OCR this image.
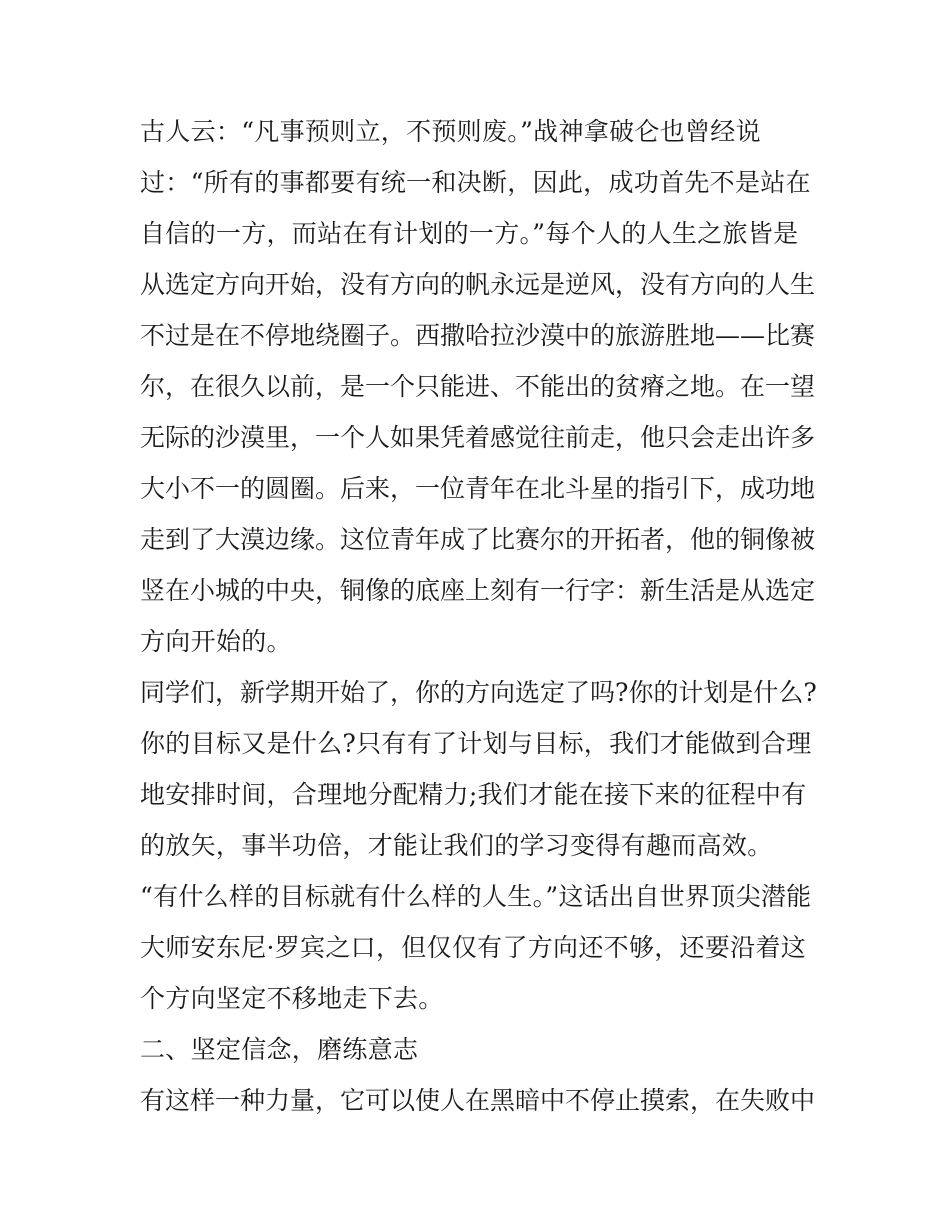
古人云：“凡事预则立，不预则废。”战神拿破仑也曾经说
过：“所有的事都要有统一和决断，因此，成功首先不是站在
自信的一方，而站在有计划的一方。”每个人的人生之旅皆是
从选定方向开始，没有方向的帆永远是逆风，没有方向的人生
不过是在不停地绕圈子。西撒哈拉沙漠中的旅游胜地——比赛
尔，在很久以前，是一个只能进、不能出的贫瘠之地。在一望
无际的沙漠里，一个人如果凭着感觉往前走，他只会走出许多
大小不一的圆圈。后来，一位青年在北斗星的指引下，成功地
走到了大漠边缘。这位青年成了比赛尔的开拓者，他的铜像被
竖在小城的中央，铜像的底座上刻有一行字：新生活是从选定
方向开始的。
同学们，新学期开始了，你的方向选定了吗?你的计划是什么?
你的目标又是什么?只有有了计划与目标，我们才能做到合理
地安排时间，合理地分配精力;我们才能在接下来的征程中有
的放矢，事半功倍，才能让我们的学习变得有趣而高效。
“有什么样的目标就有什么样的人生。”这话出自世界顶尖潜能
大师安东尼·罗宾之口，但仅仅有了方向还不够，还要沿着这
个方向坚定不移地走下去。
二、坚定信念，磨练意志
有这样一种力量，它可以使人在黑暗中不停止摸索，在失败中
